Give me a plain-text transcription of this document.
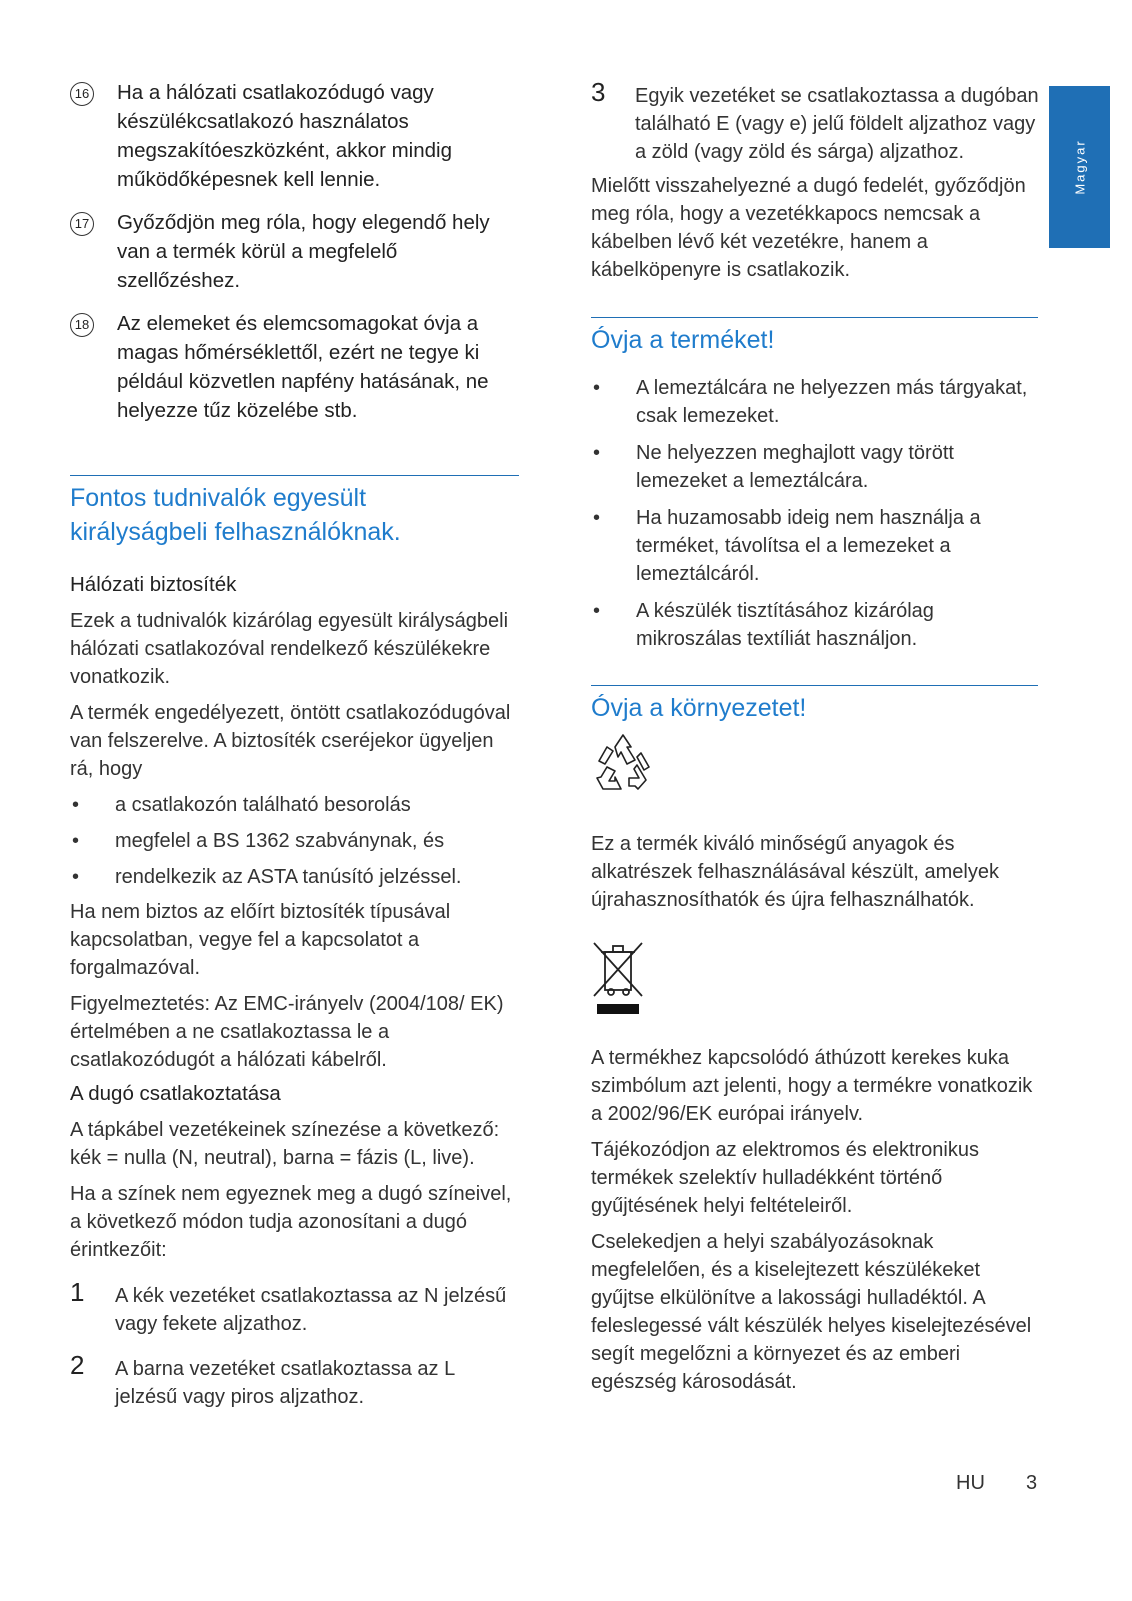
Magyar
16 Ha a hálózati csatlakozódugó vagy készülékcsatlakozó használatos megszakítóeszközként, akkor mindig működőképesnek kell lennie.

17 Győződjön meg róla, hogy elegendő hely van a termék körül a megfelelő szellőzéshez.

18 Az elemeket és elemcsomagokat óvja a magas hőmérséklettől, ezért ne tegye ki például közvetlen napfény hatásának, ne helyezze tűz közelébe stb.

Fontos tudnivalók egyesült
királyságbeli felhasználóknak.

Hálózati biztosíték

Ezek a tudnivalók kizárólag egyesült királyságbeli hálózati csatlakozóval rendelkező készülékekre vonatkozik.

A termék engedélyezett, öntött csatlakozódugóval van felszerelve. A biztosíték cseréjekor ügyeljen rá, hogy

• a csatlakozón található besorolás
• megfelel a BS 1362 szabványnak, és
• rendelkezik az ASTA tanúsító jelzéssel.

Ha nem biztos az előírt biztosíték típusával kapcsolatban, vegye fel a kapcsolatot a forgalmazóval.

Figyelmeztetés: Az EMC-irányelv (2004/108/ EK) értelmében a ne csatlakoztassa le a csatlakozódugót a hálózati kábelről.

A dugó csatlakoztatása

A tápkábel vezetékeinek színezése a következő: kék = nulla (N, neutral), barna = fázis (L, live).

Ha a színek nem egyeznek meg a dugó színeivel, a következő módon tudja azonosítani a dugó érintkezőit:

1 A kék vezetéket csatlakoztassa az N jelzésű vagy fekete aljzathoz.

2 A barna vezetéket csatlakoztassa az L jelzésű vagy piros aljzathoz.

3 Egyik vezetéket se csatlakoztassa a dugóban található E (vagy e) jelű földelt aljzathoz vagy a zöld (vagy zöld és sárga) aljzathoz.

Mielőtt visszahelyezné a dugó fedelét, győződjön meg róla, hogy a vezetékkapocs nemcsak a kábelben lévő két vezetékre, hanem a kábelköpenyre is csatlakozik.

Óvja a terméket!

• A lemeztálcára ne helyezzen más tárgyakat, csak lemezeket.
• Ne helyezzen meghajlott vagy törött lemezeket a lemeztálcára.
• Ha huzamosabb ideig nem használja a terméket, távolítsa el a lemezeket a lemeztálcáról.
• A készülék tisztításához kizárólag mikroszálas textíliát használjon.

Óvja a környezetet!

Ez a termék kiváló minőségű anyagok és alkatrészek felhasználásával készült, amelyek újrahasznosíthatók és újra felhasználhatók.

A termékhez kapcsolódó áthúzott kerekes kuka szimbólum azt jelenti, hogy a termékre vonatkozik a 2002/96/EK európai irányelv.

Tájékozódjon az elektromos és elektronikus termékek szelektív hulladékként történő gyűjtésének helyi feltételeiről.

Cselekedjen a helyi szabályozásoknak megfelelően, és a kiselejtezett készülékeket gyűjtse elkülönítve a lakossági hulladéktól. A feleslegessé vált készülék helyes kiselejtezésével segít megelőzni a környezet és az emberi egészség károsodását.

HU 3
